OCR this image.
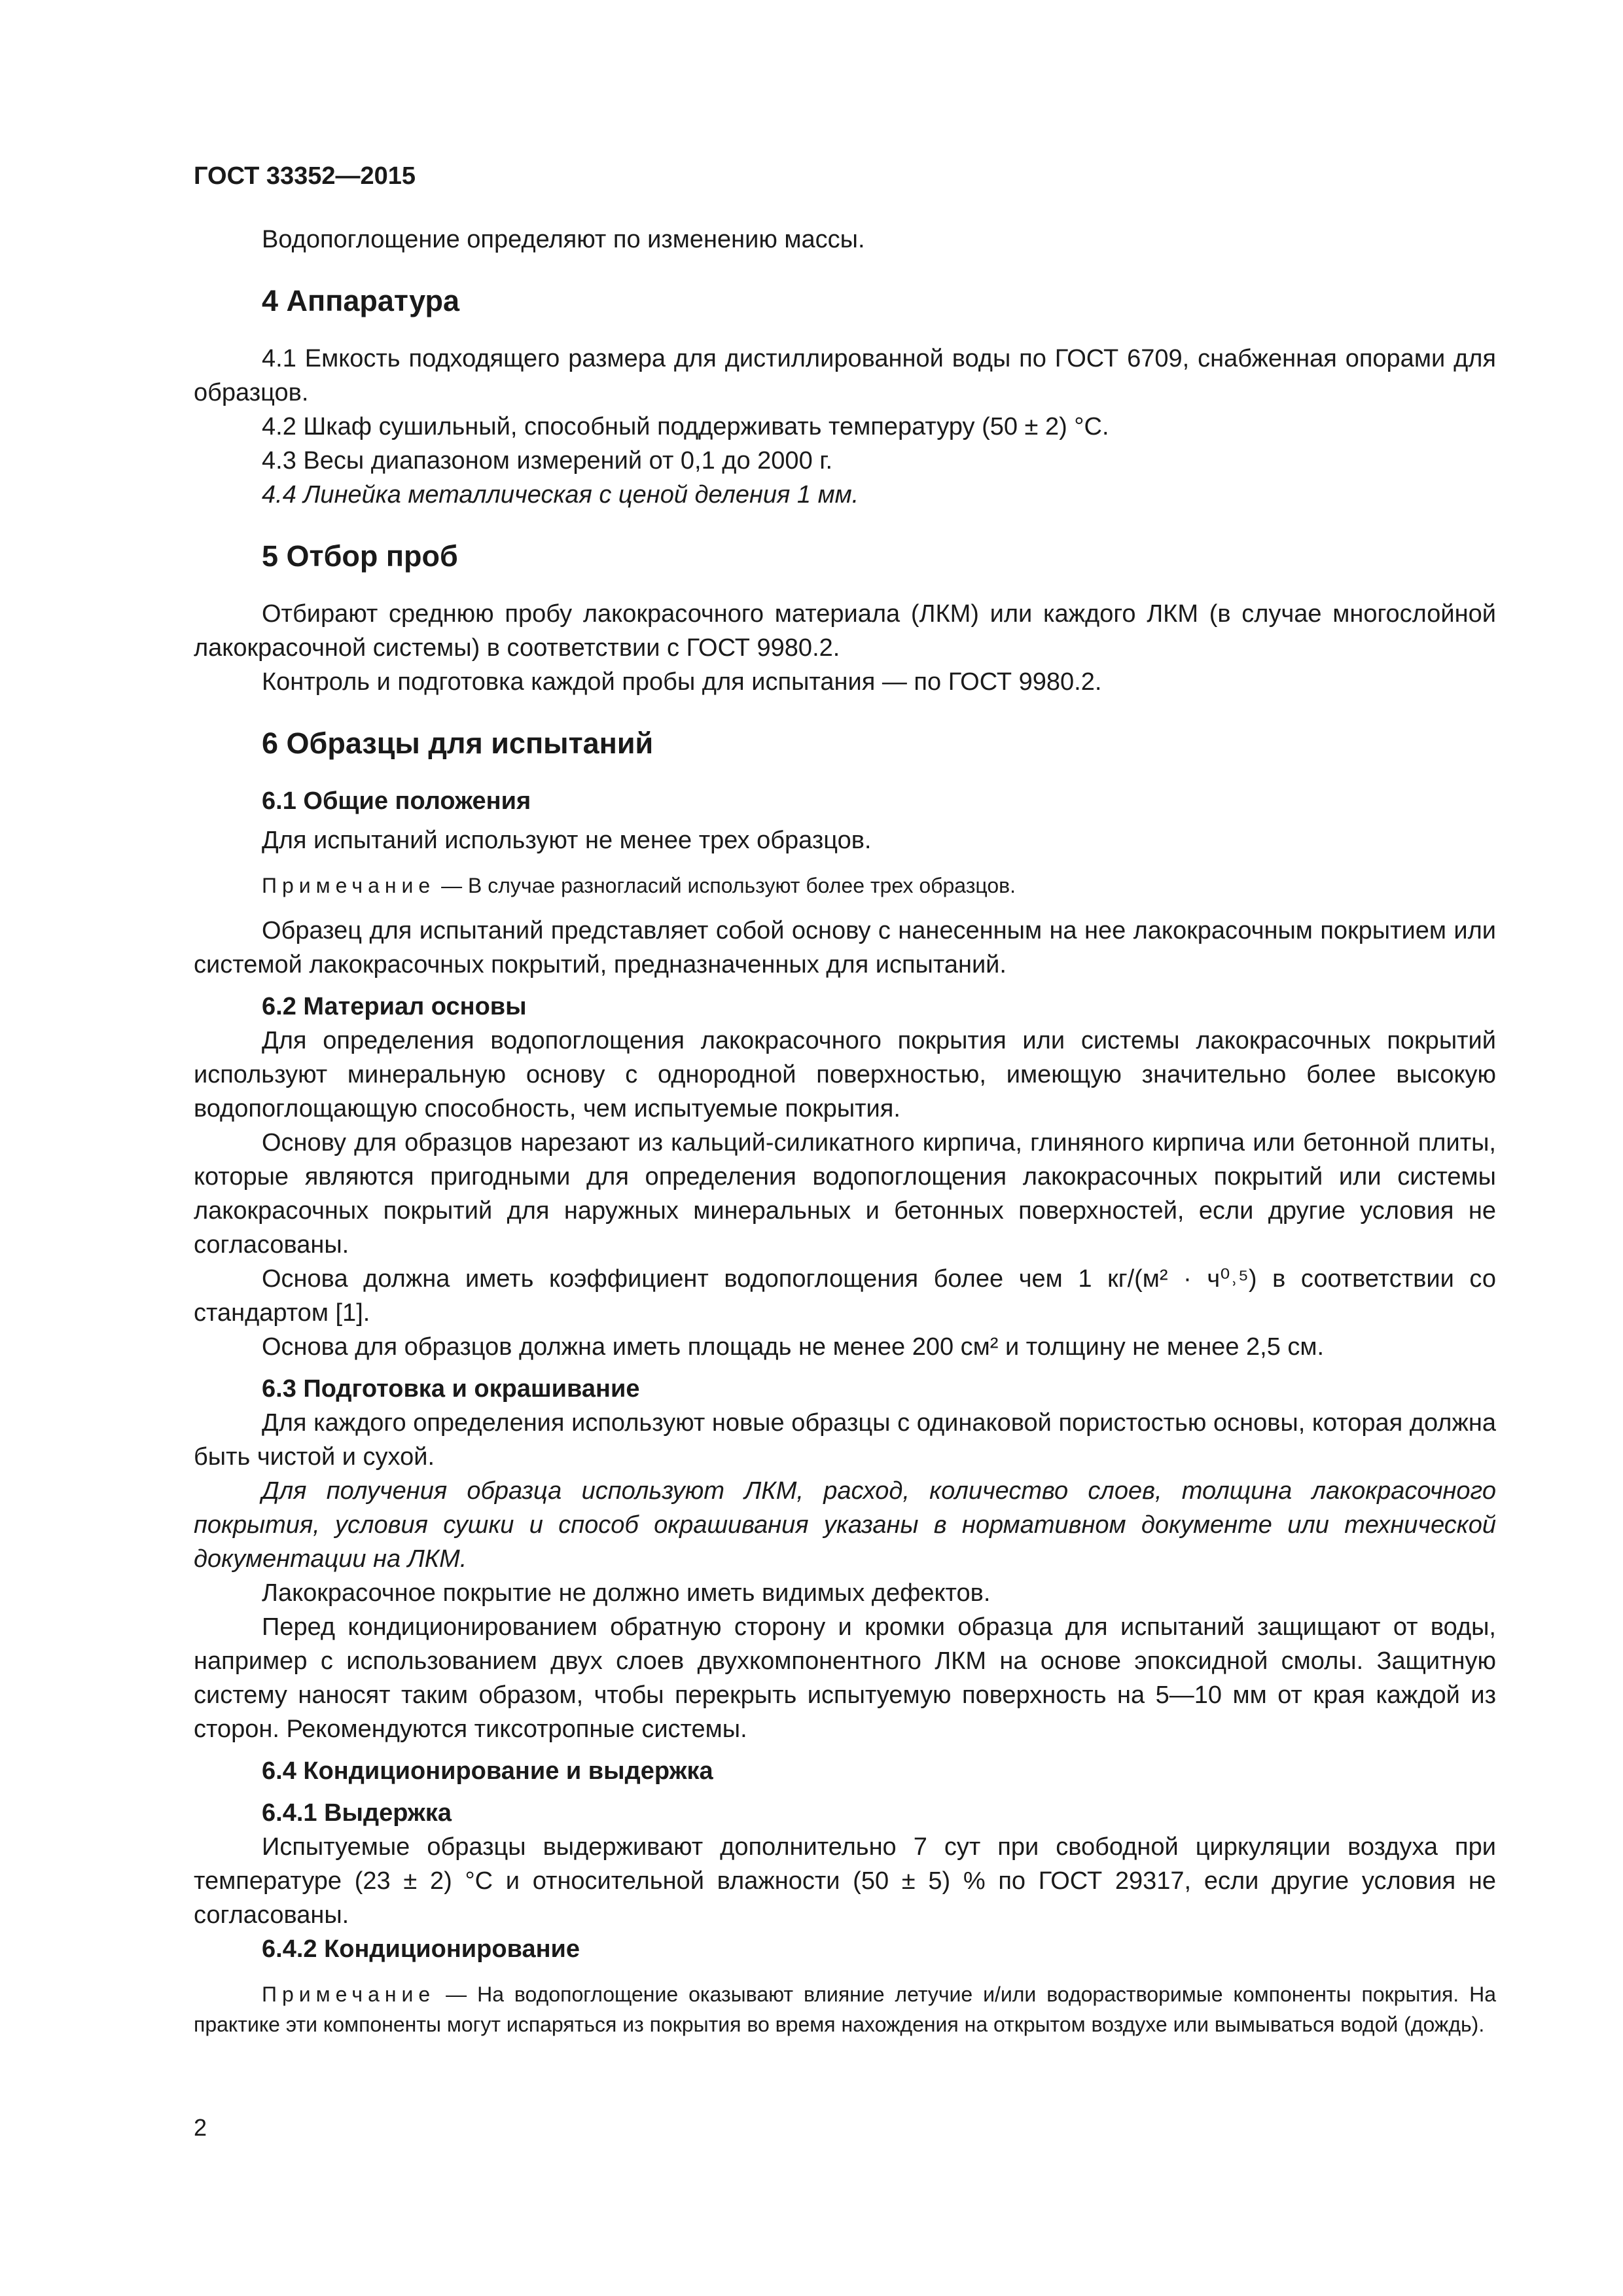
ГОСТ 33352—2015

Водопоглощение определяют по изменению массы.

4 Аппаратура

4.1 Емкость подходящего размера для дистиллированной воды по ГОСТ 6709, снабженная опорами для образцов.

4.2 Шкаф сушильный, способный поддерживать температуру (50 ± 2) °C.

4.3 Весы диапазоном измерений от 0,1 до 2000 г.

4.4 Линейка металлическая с ценой деления 1 мм.

5 Отбор проб

Отбирают среднюю пробу лакокрасочного материала (ЛКМ) или каждого ЛКМ (в случае многослойной лакокрасочной системы) в соответствии с ГОСТ 9980.2.

Контроль и подготовка каждой пробы для испытания — по ГОСТ 9980.2.

6 Образцы для испытаний
6.1 Общие положения

Для испытаний используют не менее трех образцов.

Примечание — В случае разногласий используют более трех образцов.

Образец для испытаний представляет собой основу с нанесенным на нее лакокрасочным покрытием или системой лакокрасочных покрытий, предназначенных для испытаний.

6.2 Материал основы

Для определения водопоглощения лакокрасочного покрытия или системы лакокрасочных покрытий используют минеральную основу с однородной поверхностью, имеющую значительно более высокую водопоглощающую способность, чем испытуемые покрытия.

Основу для образцов нарезают из кальций-силикатного кирпича, глиняного кирпича или бетонной плиты, которые являются пригодными для определения водопоглощения лакокрасочных покрытий или системы лакокрасочных покрытий для наружных минеральных и бетонных поверхностей, если другие условия не согласованы.

Основа должна иметь коэффициент водопоглощения более чем 1 кг/(м² · ч⁰˒⁵) в соответствии со стандартом [1].

Основа для образцов должна иметь площадь не менее 200 см² и толщину не менее 2,5 см.

6.3 Подготовка и окрашивание

Для каждого определения используют новые образцы с одинаковой пористостью основы, которая должна быть чистой и сухой.

Для получения образца используют ЛКМ, расход, количество слоев, толщина лакокрасочного покрытия, условия сушки и способ окрашивания указаны в нормативном документе или технической документации на ЛКМ.

Лакокрасочное покрытие не должно иметь видимых дефектов.

Перед кондиционированием обратную сторону и кромки образца для испытаний защищают от воды, например с использованием двух слоев двухкомпонентного ЛКМ на основе эпоксидной смолы. Защитную систему наносят таким образом, чтобы перекрыть испытуемую поверхность на 5—10 мм от края каждой из сторон. Рекомендуются тиксотропные системы.

6.4 Кондиционирование и выдержка
6.4.1 Выдержка

Испытуемые образцы выдерживают дополнительно 7 сут при свободной циркуляции воздуха при температуре (23 ± 2) °C и относительной влажности (50 ± 5) % по ГОСТ 29317, если другие условия не согласованы.

6.4.2 Кондиционирование
Примечание — На водопоглощение оказывают влияние летучие и/или водорастворимые компоненты покрытия. На практике эти компоненты могут испаряться из покрытия во время нахождения на открытом воздухе или вымываться водой (дождь).
2
